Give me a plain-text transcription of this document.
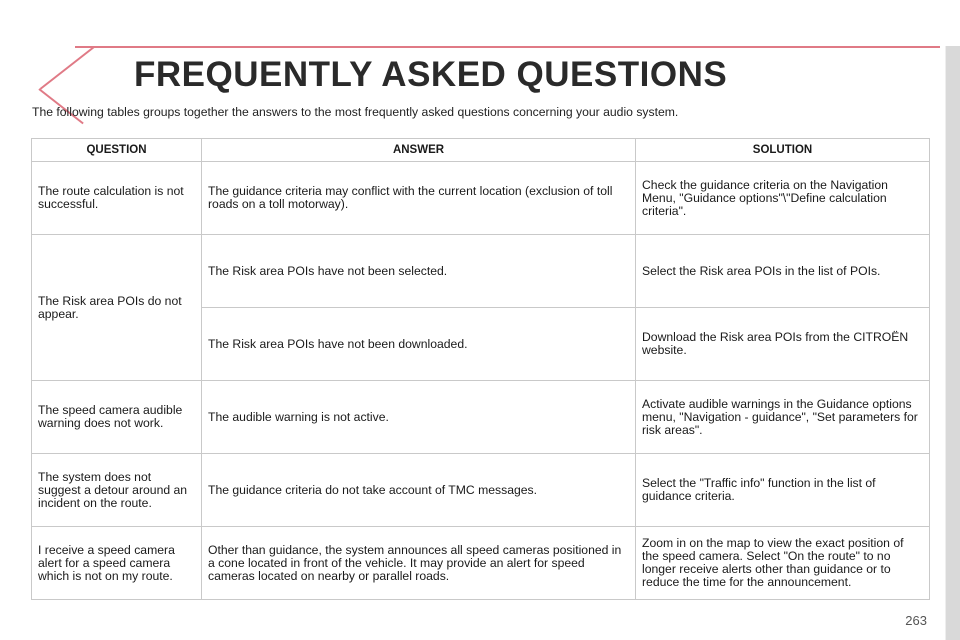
FREQUENTLY ASKED QUESTIONS

The following tables groups together the answers to the most frequently asked questions concerning your audio system.

QUESTION	ANSWER	SOLUTION
The route calculation is not successful.	The guidance criteria may conflict with the current location (exclusion of toll roads on a toll motorway).	Check the guidance criteria on the Navigation Menu, "Guidance options"\"Define calculation criteria".
The Risk area POIs do not appear.	The Risk area POIs have not been selected.	Select the Risk area POIs in the list of POIs.
	The Risk area POIs have not been downloaded.	Download the Risk area POIs from the CITROËN website.
The speed camera audible warning does not work.	The audible warning is not active.	Activate audible warnings in the Guidance options menu, "Navigation - guidance", "Set parameters for risk areas".
The system does not suggest a detour around an incident on the route.	The guidance criteria do not take account of TMC messages.	Select the "Traffic info" function in the list of guidance criteria.
I receive a speed camera alert for a speed camera which is not on my route.	Other than guidance, the system announces all speed cameras positioned in a cone located in front of the vehicle. It may provide an alert for speed cameras located on nearby or parallel roads.	Zoom in on the map to view the exact position of the speed camera. Select "On the route" to no longer receive alerts other than guidance or to reduce the time for the announcement.

263
